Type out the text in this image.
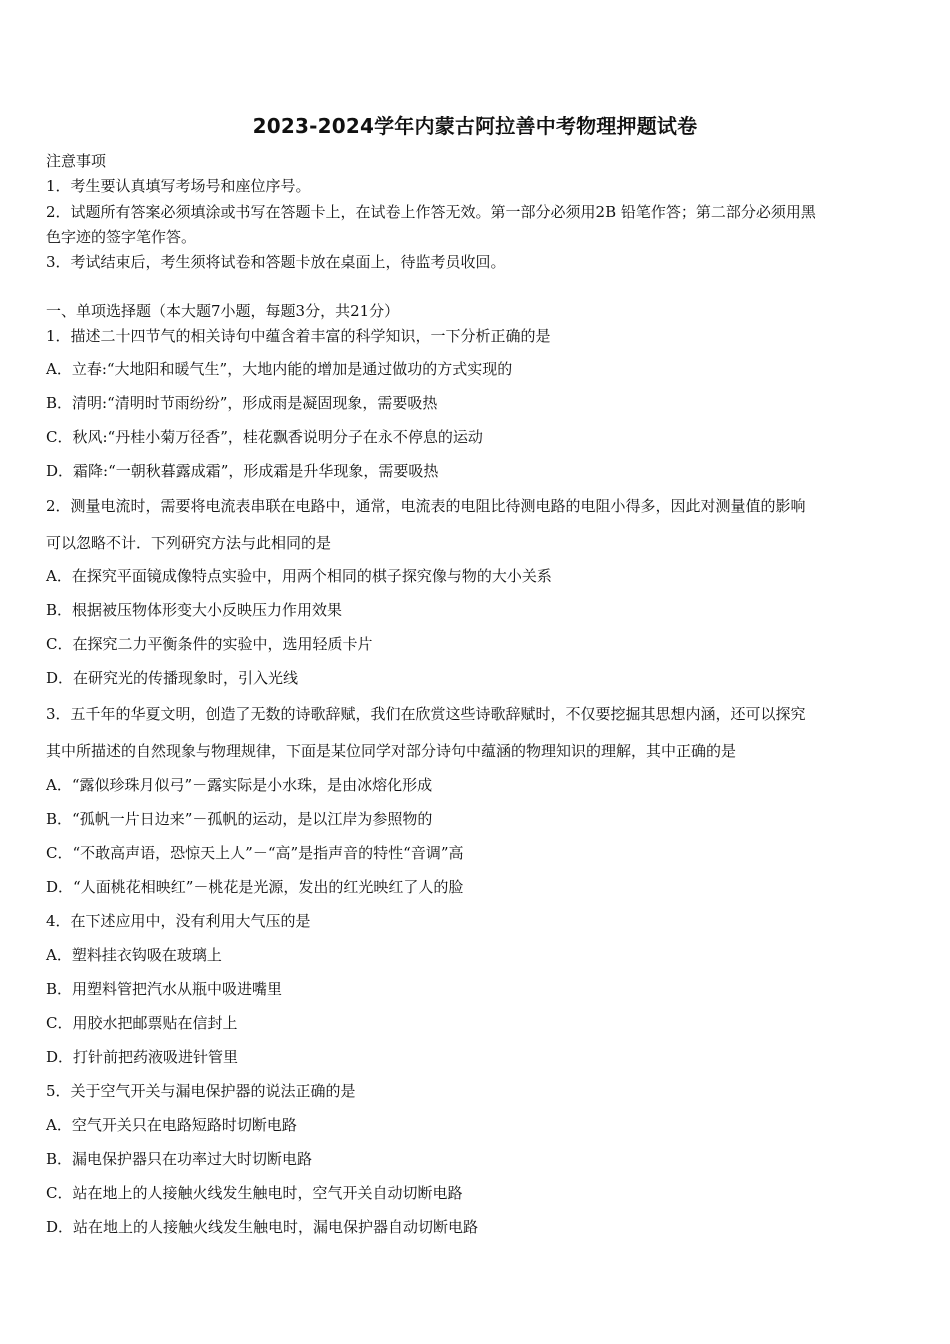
2023-2024学年内蒙古阿拉善中考物理押题试卷
注意事项
1．考生要认真填写考场号和座位序号。
2．试题所有答案必须填涂或书写在答题卡上，在试卷上作答无效。第一部分必须用2B 铅笔作答；第二部分必须用黑
色字迹的签字笔作答。
3．考试结束后，考生须将试卷和答题卡放在桌面上，待监考员收回。
一、单项选择题（本大题7小题，每题3分，共21分）
1．描述二十四节气的相关诗句中蕴含着丰富的科学知识，一下分析正确的是
A．立春:“大地阳和暖气生”，大地内能的增加是通过做功的方式实现的
B．清明:“清明时节雨纷纷”，形成雨是凝固现象，需要吸热
C．秋风:“丹桂小菊万径香”，桂花飘香说明分子在永不停息的运动
D．霜降:“一朝秋暮露成霜”，形成霜是升华现象，需要吸热
2．测量电流时，需要将电流表串联在电路中，通常，电流表的电阻比待测电路的电阻小得多，因此对测量值的影响
可以忽略不计．下列研究方法与此相同的是
A．在探究平面镜成像特点实验中，用两个相同的棋子探究像与物的大小关系
B．根据被压物体形变大小反映压力作用效果
C．在探究二力平衡条件的实验中，选用轻质卡片
D．在研究光的传播现象时，引入光线
3．五千年的华夏文明，创造了无数的诗歌辞赋，我们在欣赏这些诗歌辞赋时，不仅要挖掘其思想内涵，还可以探究
其中所描述的自然现象与物理规律，下面是某位同学对部分诗句中蕴涵的物理知识的理解，其中正确的是
A．“露似珍珠月似弓”－露实际是小水珠，是由冰熔化形成
B．“孤帆一片日边来”－孤帆的运动，是以江岸为参照物的
C．“不敢高声语，恐惊天上人”－“高”是指声音的特性“音调”高
D．“人面桃花相映红”－桃花是光源，发出的红光映红了人的脸
4．在下述应用中，没有利用大气压的是
A．塑料挂衣钩吸在玻璃上
B．用塑料管把汽水从瓶中吸进嘴里
C．用胶水把邮票贴在信封上
D．打针前把药液吸进针管里
5．关于空气开关与漏电保护器的说法正确的是
A．空气开关只在电路短路时切断电路
B．漏电保护器只在功率过大时切断电路
C．站在地上的人接触火线发生触电时，空气开关自动切断电路
D．站在地上的人接触火线发生触电时，漏电保护器自动切断电路
